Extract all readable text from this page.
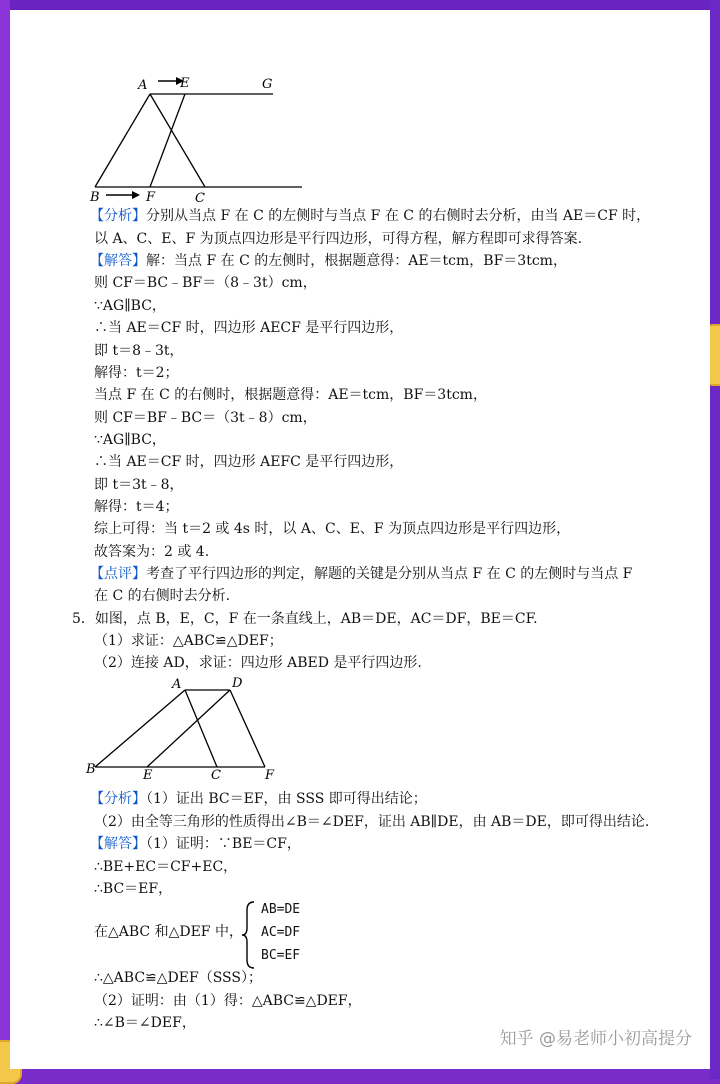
A	E	G
B	F	C
【分析】分别从当点 F 在 C 的左侧时与当点 F 在 C 的右侧时去分析，由当 AE＝CF 时，
以 A、C、E、F 为顶点四边形是平行四边形，可得方程，解方程即可求得答案.
【解答】解：当点 F 在 C 的左侧时，根据题意得：AE＝tcm，BF＝3tcm，
则 CF＝BC﹣BF＝（8﹣3t）cm，
∵AG∥BC，
∴当 AE＝CF 时，四边形 AECF 是平行四边形，
即 t＝8﹣3t，
解得：t＝2；
当点 F 在 C 的右侧时，根据题意得：AE＝tcm，BF＝3tcm，
则 CF＝BF﹣BC＝（3t﹣8）cm，
∵AG∥BC，
∴当 AE＝CF 时，四边形 AEFC 是平行四边形，
即 t＝3t﹣8，
解得：t＝4；
综上可得：当 t＝2 或 4s 时，以 A、C、E、F 为顶点四边形是平行四边形，
故答案为：2 或 4.
【点评】考查了平行四边形的判定，解题的关键是分别从当点 F 在 C 的左侧时与当点 F
在 C 的右侧时去分析.
5．如图，点 B，E，C，F 在一条直线上，AB＝DE，AC＝DF，BE＝CF.
（1）求证：△ABC≌△DEF；
（2）连接 AD，求证：四边形 ABED 是平行四边形.
A	D
B	E	C	F
【分析】（1）证出 BC＝EF，由 SSS 即可得出结论；
（2）由全等三角形的性质得出∠B＝∠DEF，证出 AB∥DE，由 AB＝DE，即可得出结论.
【解答】（1）证明：∵BE＝CF，
∴BE+EC＝CF+EC，
∴BC＝EF，
在△ABC 和△DEF 中，
AB=DE
AC=DF
BC=EF
∴△ABC≌△DEF（SSS）；
（2）证明：由（1）得：△ABC≌△DEF，
∴∠B＝∠DEF，
知乎 @易老师小初高提分
